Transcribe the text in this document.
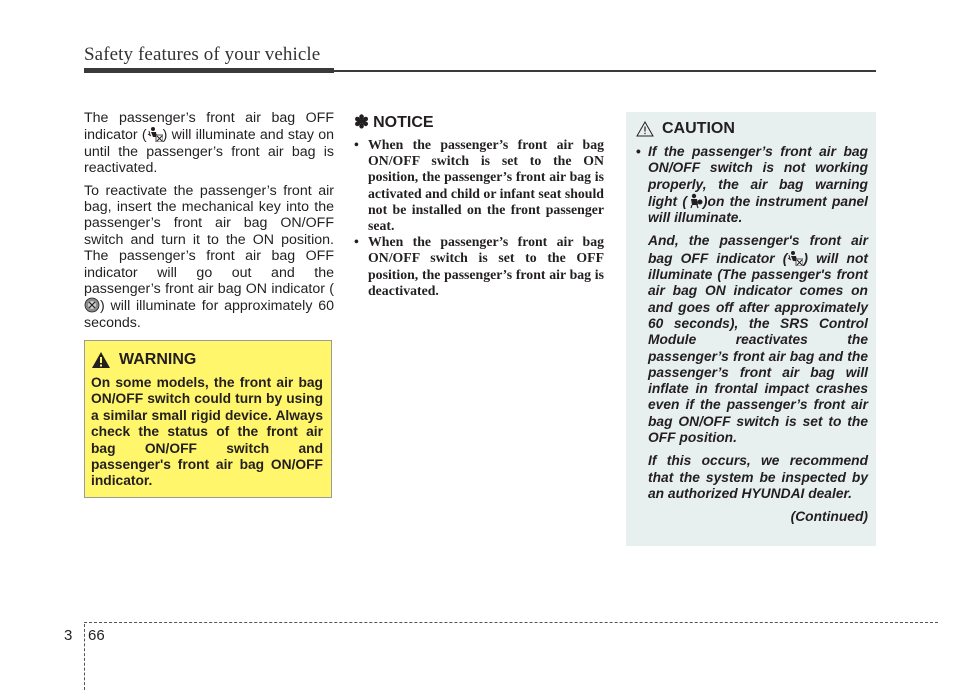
Safety features of your vehicle

The passenger’s front air bag OFF indicator ( ) will illuminate and stay on until the passenger’s front air bag is reactivated.

To reactivate the passenger’s front air bag, insert the mechanical key into the passenger’s front air bag ON/OFF switch and turn it to the ON position. The passenger’s front air bag OFF indicator will go out and the passenger’s front air bag ON indicator () will illuminate for approximately 60 seconds.

WARNING
On some models, the front air bag ON/OFF switch could turn by using a similar small rigid device. Always check the status of the front air bag ON/OFF switch and passenger's front air bag ON/OFF indicator.
✽ NOTICE
• When the passenger’s front air bag ON/OFF switch is set to the ON position, the passenger’s front air bag is activated and child or infant seat should not be installed on the front passenger seat.
• When the passenger’s front air bag ON/OFF switch is set to the OFF position, the passenger’s front air bag is deactivated.
CAUTION
• If the passenger’s front air bag ON/OFF switch is not working properly, the air bag warning light ( )on the instrument panel will illuminate.

And, the passenger's front air bag OFF indicator ( ) will not illuminate (The passenger's front air bag ON indicator comes on and goes off after approximately 60 seconds), the SRS Control Module reactivates the passenger’s front air bag and the passenger’s front air bag will inflate in frontal impact crashes even if the passenger’s front air bag ON/OFF switch is set to the OFF position.

If this occurs, we recommend that the system be inspected by an authorized HYUNDAI dealer.

(Continued)
3 66
